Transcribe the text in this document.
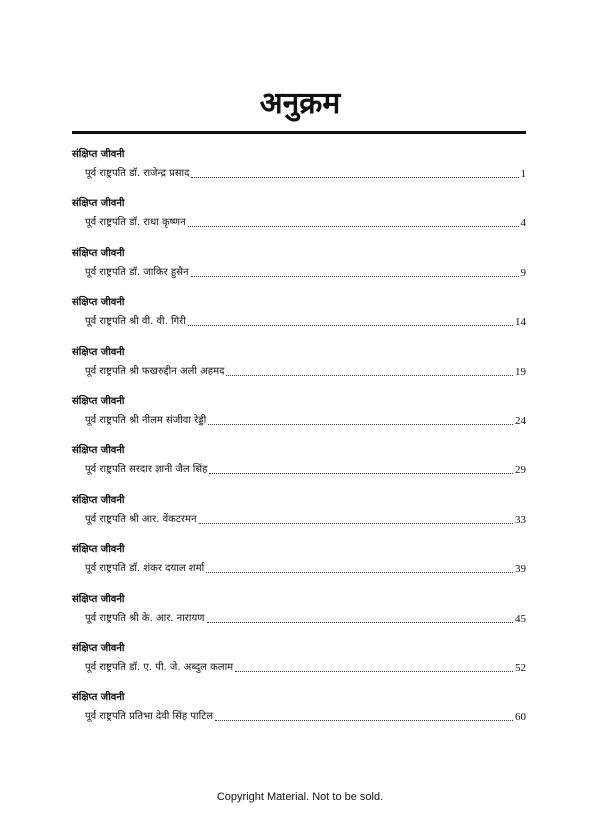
अनुक्रम
संक्षिप्त जीवनी
पूर्व राष्ट्रपति डॉ. राजेन्द्र प्रसाद	1
संक्षिप्त जीवनी
पूर्व राष्ट्रपति डॉ. राधा कृष्णन	4
संक्षिप्त जीवनी
पूर्व राष्ट्रपति डॉ. जाकिर हुसैन	9
संक्षिप्त जीवनी
पूर्व राष्ट्रपति श्री वी. वी. गिरी	14
संक्षिप्त जीवनी
पूर्व राष्ट्रपति श्री फखरुद्दीन अली अहमद	19
संक्षिप्त जीवनी
पूर्व राष्ट्रपति श्री नीलम संजीवा रेड्डी	24
संक्षिप्त जीवनी
पूर्व राष्ट्रपति सरदार ज्ञानी जैल सिंह	29
संक्षिप्त जीवनी
पूर्व राष्ट्रपति श्री आर. वेंकटरमन	33
संक्षिप्त जीवनी
पूर्व राष्ट्रपति डॉ. शंकर दयाल शर्मा	39
संक्षिप्त जीवनी
पूर्व राष्ट्रपति श्री के. आर. नारायण	45
संक्षिप्त जीवनी
पूर्व राष्ट्रपति डॉ. ए. पी. जे. अब्दुल कलाम	52
संक्षिप्त जीवनी
पूर्व राष्ट्रपति प्रतिभा देवी सिंह पाटिल	60
Copyright Material. Not to be sold.
